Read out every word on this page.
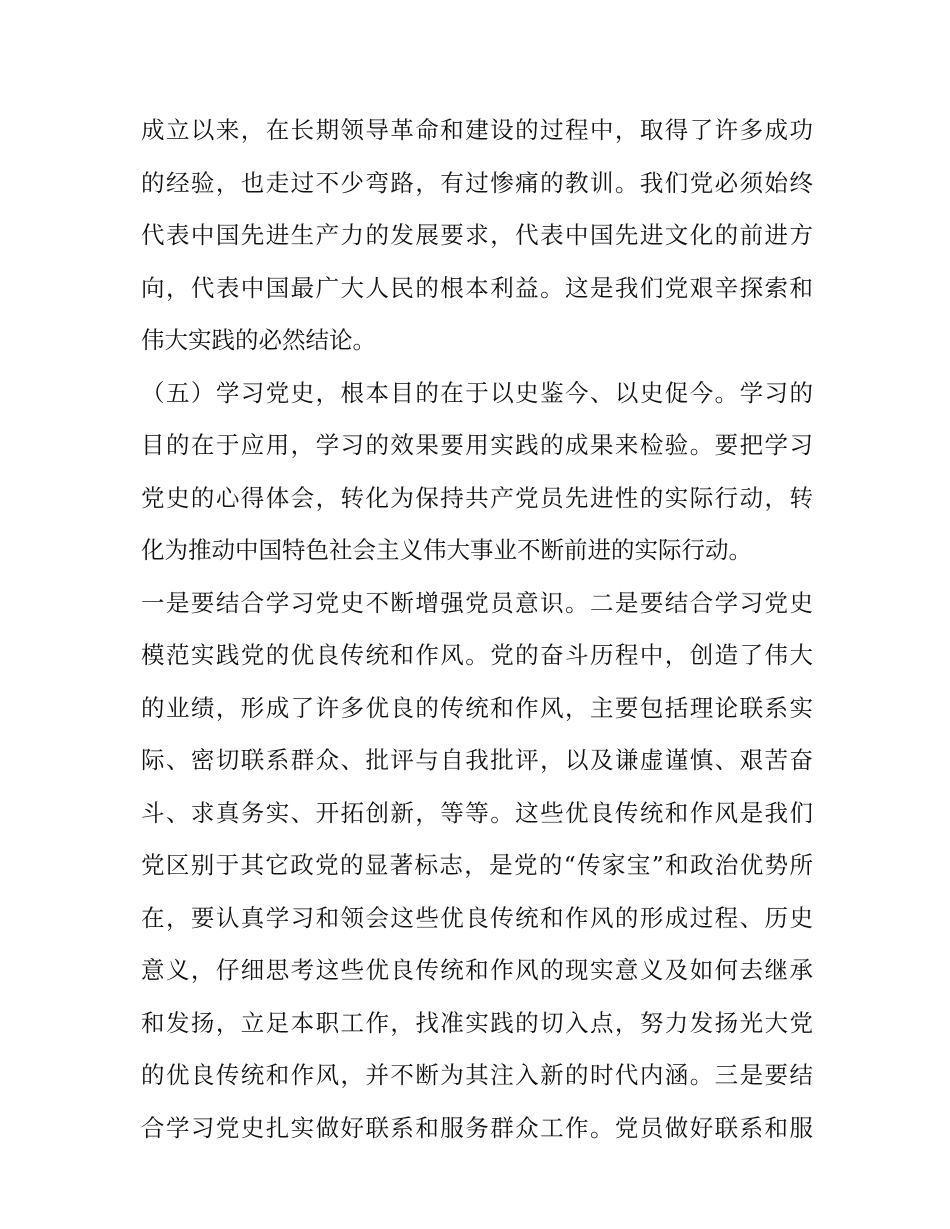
成立以来，在长期领导革命和建设的过程中，取得了许多成功
的经验，也走过不少弯路，有过惨痛的教训。我们党必须始终
代表中国先进生产力的发展要求，代表中国先进文化的前进方
向，代表中国最广大人民的根本利益。这是我们党艰辛探索和
伟大实践的必然结论。
（五）学习党史，根本目的在于以史鉴今、以史促今。学习的
目的在于应用，学习的效果要用实践的成果来检验。要把学习
党史的心得体会，转化为保持共产党员先进性的实际行动，转
化为推动中国特色社会主义伟大事业不断前进的实际行动。
一是要结合学习党史不断增强党员意识。二是要结合学习党史
模范实践党的优良传统和作风。党的奋斗历程中，创造了伟大
的业绩，形成了许多优良的传统和作风，主要包括理论联系实
际、密切联系群众、批评与自我批评，以及谦虚谨慎、艰苦奋
斗、求真务实、开拓创新，等等。这些优良传统和作风是我们
党区别于其它政党的显著标志，是党的“传家宝”和政治优势所
在，要认真学习和领会这些优良传统和作风的形成过程、历史
意义，仔细思考这些优良传统和作风的现实意义及如何去继承
和发扬，立足本职工作，找准实践的切入点，努力发扬光大党
的优良传统和作风，并不断为其注入新的时代内涵。三是要结
合学习党史扎实做好联系和服务群众工作。党员做好联系和服
